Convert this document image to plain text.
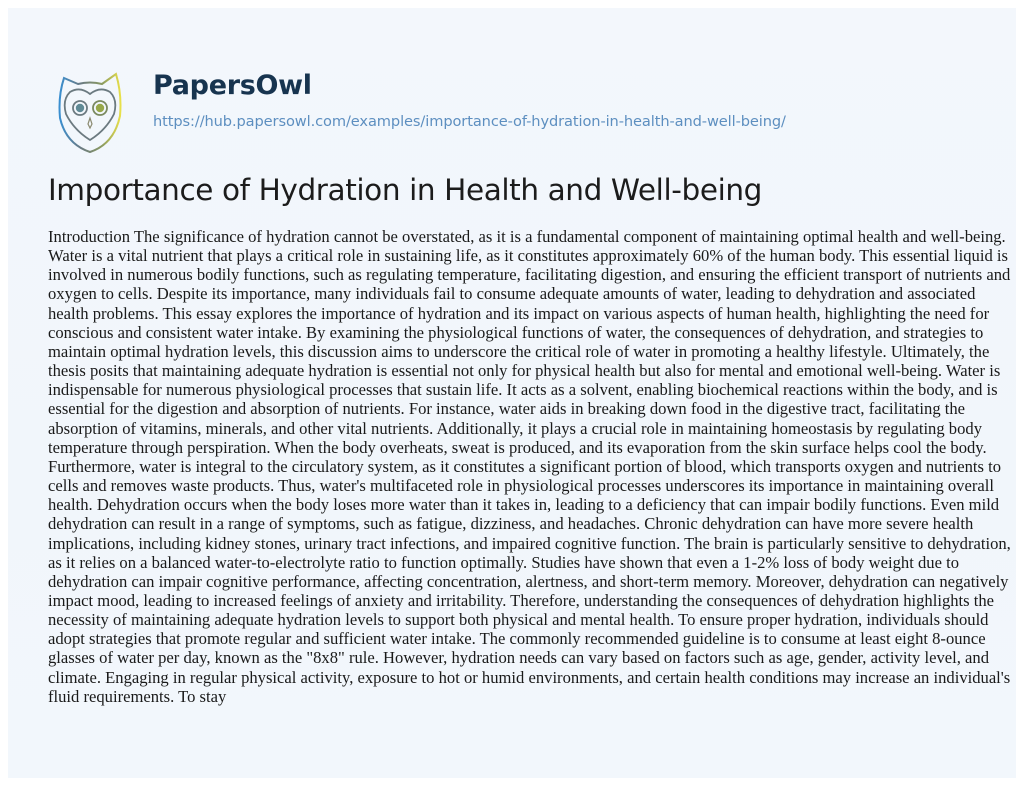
PapersOwl
https://hub.papersowl.com/examples/importance-of-hydration-in-health-and-well-being/
Importance of Hydration in Health and Well-being
Introduction The significance of hydration cannot be overstated, as it is a fundamental component of maintaining optimal health and well-being.
Water is a vital nutrient that plays a critical role in sustaining life, as it constitutes approximately 60% of the human body. This essential liquid is
involved in numerous bodily functions, such as regulating temperature, facilitating digestion, and ensuring the efficient transport of nutrients and
oxygen to cells. Despite its importance, many individuals fail to consume adequate amounts of water, leading to dehydration and associated
health problems. This essay explores the importance of hydration and its impact on various aspects of human health, highlighting the need for
conscious and consistent water intake. By examining the physiological functions of water, the consequences of dehydration, and strategies to
maintain optimal hydration levels, this discussion aims to underscore the critical role of water in promoting a healthy lifestyle. Ultimately, the
thesis posits that maintaining adequate hydration is essential not only for physical health but also for mental and emotional well-being. Water is
indispensable for numerous physiological processes that sustain life. It acts as a solvent, enabling biochemical reactions within the body, and is
essential for the digestion and absorption of nutrients. For instance, water aids in breaking down food in the digestive tract, facilitating the
absorption of vitamins, minerals, and other vital nutrients. Additionally, it plays a crucial role in maintaining homeostasis by regulating body
temperature through perspiration. When the body overheats, sweat is produced, and its evaporation from the skin surface helps cool the body.
Furthermore, water is integral to the circulatory system, as it constitutes a significant portion of blood, which transports oxygen and nutrients to
cells and removes waste products. Thus, water's multifaceted role in physiological processes underscores its importance in maintaining overall
health. Dehydration occurs when the body loses more water than it takes in, leading to a deficiency that can impair bodily functions. Even mild
dehydration can result in a range of symptoms, such as fatigue, dizziness, and headaches. Chronic dehydration can have more severe health
implications, including kidney stones, urinary tract infections, and impaired cognitive function. The brain is particularly sensitive to dehydration,
as it relies on a balanced water-to-electrolyte ratio to function optimally. Studies have shown that even a 1-2% loss of body weight due to
dehydration can impair cognitive performance, affecting concentration, alertness, and short-term memory. Moreover, dehydration can negatively
impact mood, leading to increased feelings of anxiety and irritability. Therefore, understanding the consequences of dehydration highlights the
necessity of maintaining adequate hydration levels to support both physical and mental health. To ensure proper hydration, individuals should
adopt strategies that promote regular and sufficient water intake. The commonly recommended guideline is to consume at least eight 8-ounce
glasses of water per day, known as the "8x8" rule. However, hydration needs can vary based on factors such as age, gender, activity level, and
climate. Engaging in regular physical activity, exposure to hot or humid environments, and certain health conditions may increase an individual's
fluid requirements. To stay
